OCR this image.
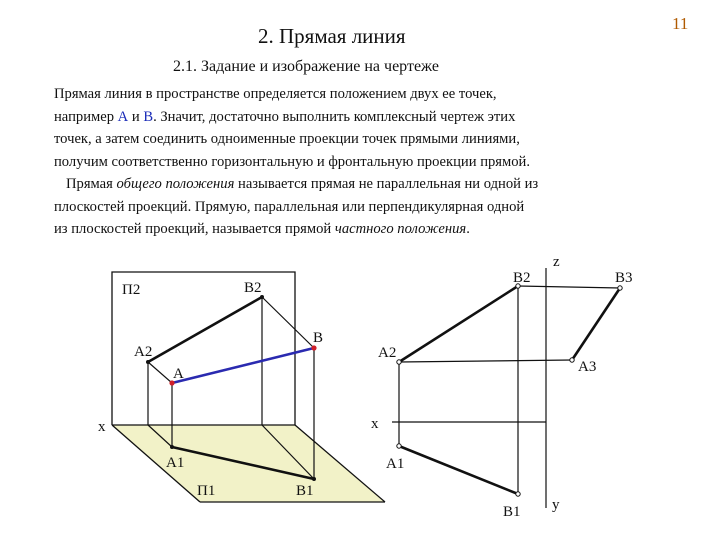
11
2. Прямая линия
2.1. Задание и изображение на чертеже

Прямая линия в пространстве определяется положением двух ее точек,

например А и В. Значит, достаточно выполнить комплексный чертеж этих

точек, а затем соединить одноименные проекции точек прямыми линиями,

получим соответственно горизонтальную и фронтальную проекции прямой.

Прямая общего положения называется прямая не параллельная ни одной из

плоскостей проекций. Прямую, параллельная или перпендикулярная одной

из плоскостей проекций, называется прямой частного положения.

П2	В2
А2
В
А
x
А1
П1	В1
z
В2	В3
А2
А3
x
А1
В1 у
